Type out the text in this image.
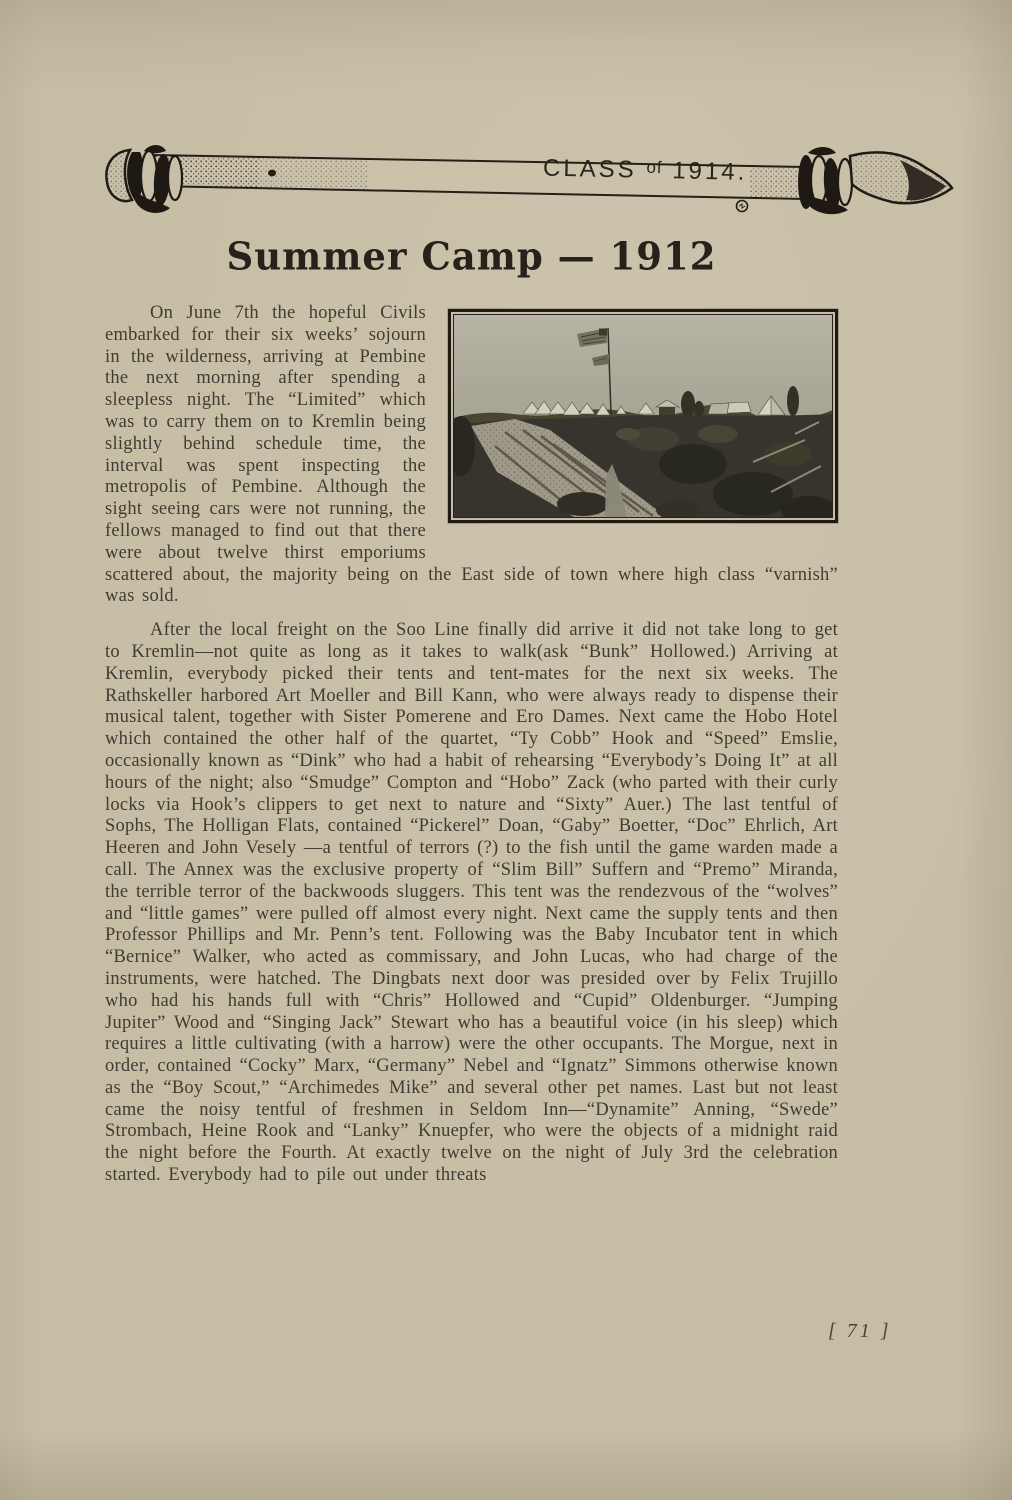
CLASS $^{of}$ 1914.
Summer Camp — 1912

On June 7th the hopeful Civils embarked for their six weeks’ sojourn in the wilderness, arriving at Pembine the next morning after spending a sleepless night. The “Limited” which was to carry them on to Kremlin being slightly behind schedule time, the interval was spent inspecting the metropolis of Pembine. Although the sight seeing cars were not running, the fellows managed to find out that there were about twelve thirst emporiums scattered about, the majority being on the East side of town where high class “varnish” was sold.

After the local freight on the Soo Line finally did arrive it did not take long to get to Kremlin—not quite as long as it takes to walk(ask “Bunk” Hollowed.) Arriving at Kremlin, everybody picked their tents and tent-mates for the next six weeks. The Rathskeller harbored Art Moeller and Bill Kann, who were always ready to dispense their musical talent, together with Sister Pomerene and Ero Dames. Next came the Hobo Hotel which contained the other half of the quartet, “Ty Cobb” Hook and “Speed” Emslie, occasionally known as “Dink” who had a habit of rehearsing “Everybody’s Doing It” at all hours of the night; also “Smudge” Compton and “Hobo” Zack (who parted with their curly locks via Hook’s clippers to get next to nature and “Sixty” Auer.) The last tentful of Sophs, The Holligan Flats, contained “Pickerel” Doan, “Gaby” Boetter, “Doc” Ehrlich, Art Heeren and John Vesely —a tentful of terrors (?) to the fish until the game warden made a call. The Annex was the exclusive property of “Slim Bill” Suffern and “Premo” Miranda, the terrible terror of the backwoods sluggers. This tent was the rendezvous of the “wolves” and “little games” were pulled off almost every night. Next came the supply tents and then Professor Phillips and Mr. Penn’s tent. Following was the Baby Incubator tent in which “Bernice” Walker, who acted as commissary, and John Lucas, who had charge of the instruments, were hatched. The Dingbats next door was presided over by Felix Trujillo who had his hands full with “Chris” Hollowed and “Cupid” Oldenburger. “Jumping Jupiter” Wood and “Singing Jack” Stewart who has a beautiful voice (in his sleep) which requires a little cultivating (with a harrow) were the other occupants. The Morgue, next in order, contained “Cocky” Marx, “Germany” Nebel and “Ignatz” Simmons otherwise known as the “Boy Scout,” “Archimedes Mike” and several other pet names. Last but not least came the noisy tentful of freshmen in Seldom Inn—“Dynamite” Anning, “Swede” Strombach, Heine Rook and “Lanky” Knuepfer, who were the objects of a midnight raid the night before the Fourth. At exactly twelve on the night of July 3rd the celebration started. Everybody had to pile out under threats

[ 71 ]
